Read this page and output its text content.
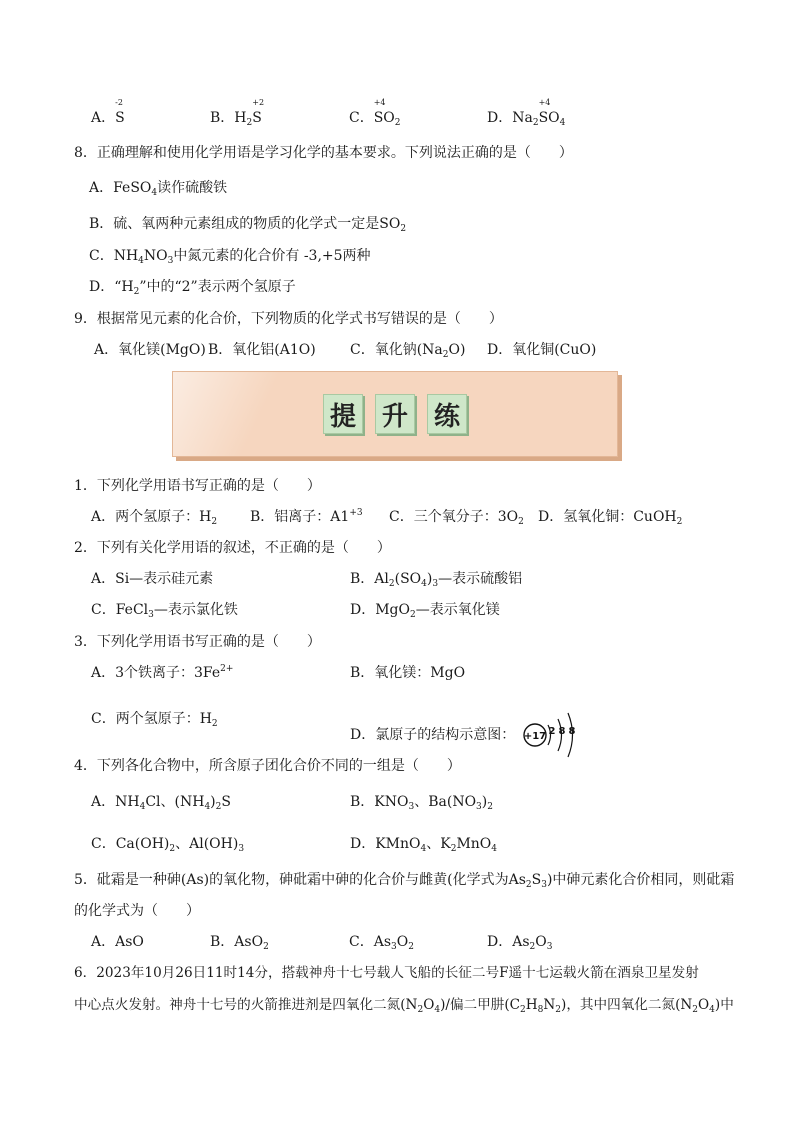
A．
-2
S	B．$H_2$
+2
S	C．
+4
$SO_2$	D．$Na_2$
+4
$SO_4$
8．正确理解和使用化学用语是学习化学的基本要求。下列说法正确的是（　　）
A．FeSO$_4$读作硫酸铁
B．硫、氧两种元素组成的物质的化学式一定是$SO_2$
C．$NH_4NO_3$中氮元素的化合价有 -3,+5两种
D．“$H_2$”中的“2”表示两个氢原子
9．根据常见元素的化合价，下列物质的化学式书写错误的是（　　）
A．氧化镁(MgO) B．氧化铝(A1O) C．氧化钠$(Na_2O)$ D．氧化铜(CuO)
提 升 练
1．下列化学用语书写正确的是（　　）
A．两个氢原子：$H_2$ B．铝离子：$A1^{+3}$ C．三个氧分子：$3O_2$ D．氢氧化铜：CuOH$_2$
2．下列有关化学用语的叙述，不正确的是（　　）
A．Si—表示硅元素	B．$Al_2(SO_4)_3—$表示硫酸铝
C．FeCl$_3$—表示氯化铁	D．MgO$_2$—表示氧化镁
3．下列化学用语书写正确的是（　　）
A．3个铁离子：$3Fe^{2+}$	B．氧化镁：MgO
C．两个氢原子：$H_2$
D．氯原子的结构示意图： +17 2 8 8
4．下列各化合物中，所含原子团化合价不同的一组是（　　）
A．$NH_4Cl$、$(NH_4)_2S$	B．$KNO_3$、$Ba(NO_3)_2$
C．$Ca(OH)_2$、$Al(OH)_3$	D．KMnO$_4$、$K_2MnO_4$
5．砒霜是一种砷(As)的氧化物，砷砒霜中砷的化合价与雌黄(化学式为$As_2S_3$)中砷元素化合价相同，则砒霜
的化学式为（　　）
A．AsO	B．AsO$_2$	C．$As_3O_2$	D．$As_2O_3$
6．2023年10月26日11时14分，搭载神舟十七号载人飞船的长征二号F遥十七运载火箭在酒泉卫星发射
中心点火发射。神舟十七号的火箭推进剂是四氧化二氮$(N_2O_4)/$偏二甲肼$(C_2H_8N_2)$，其中四氧化二氮$(N_2O_4)$中
